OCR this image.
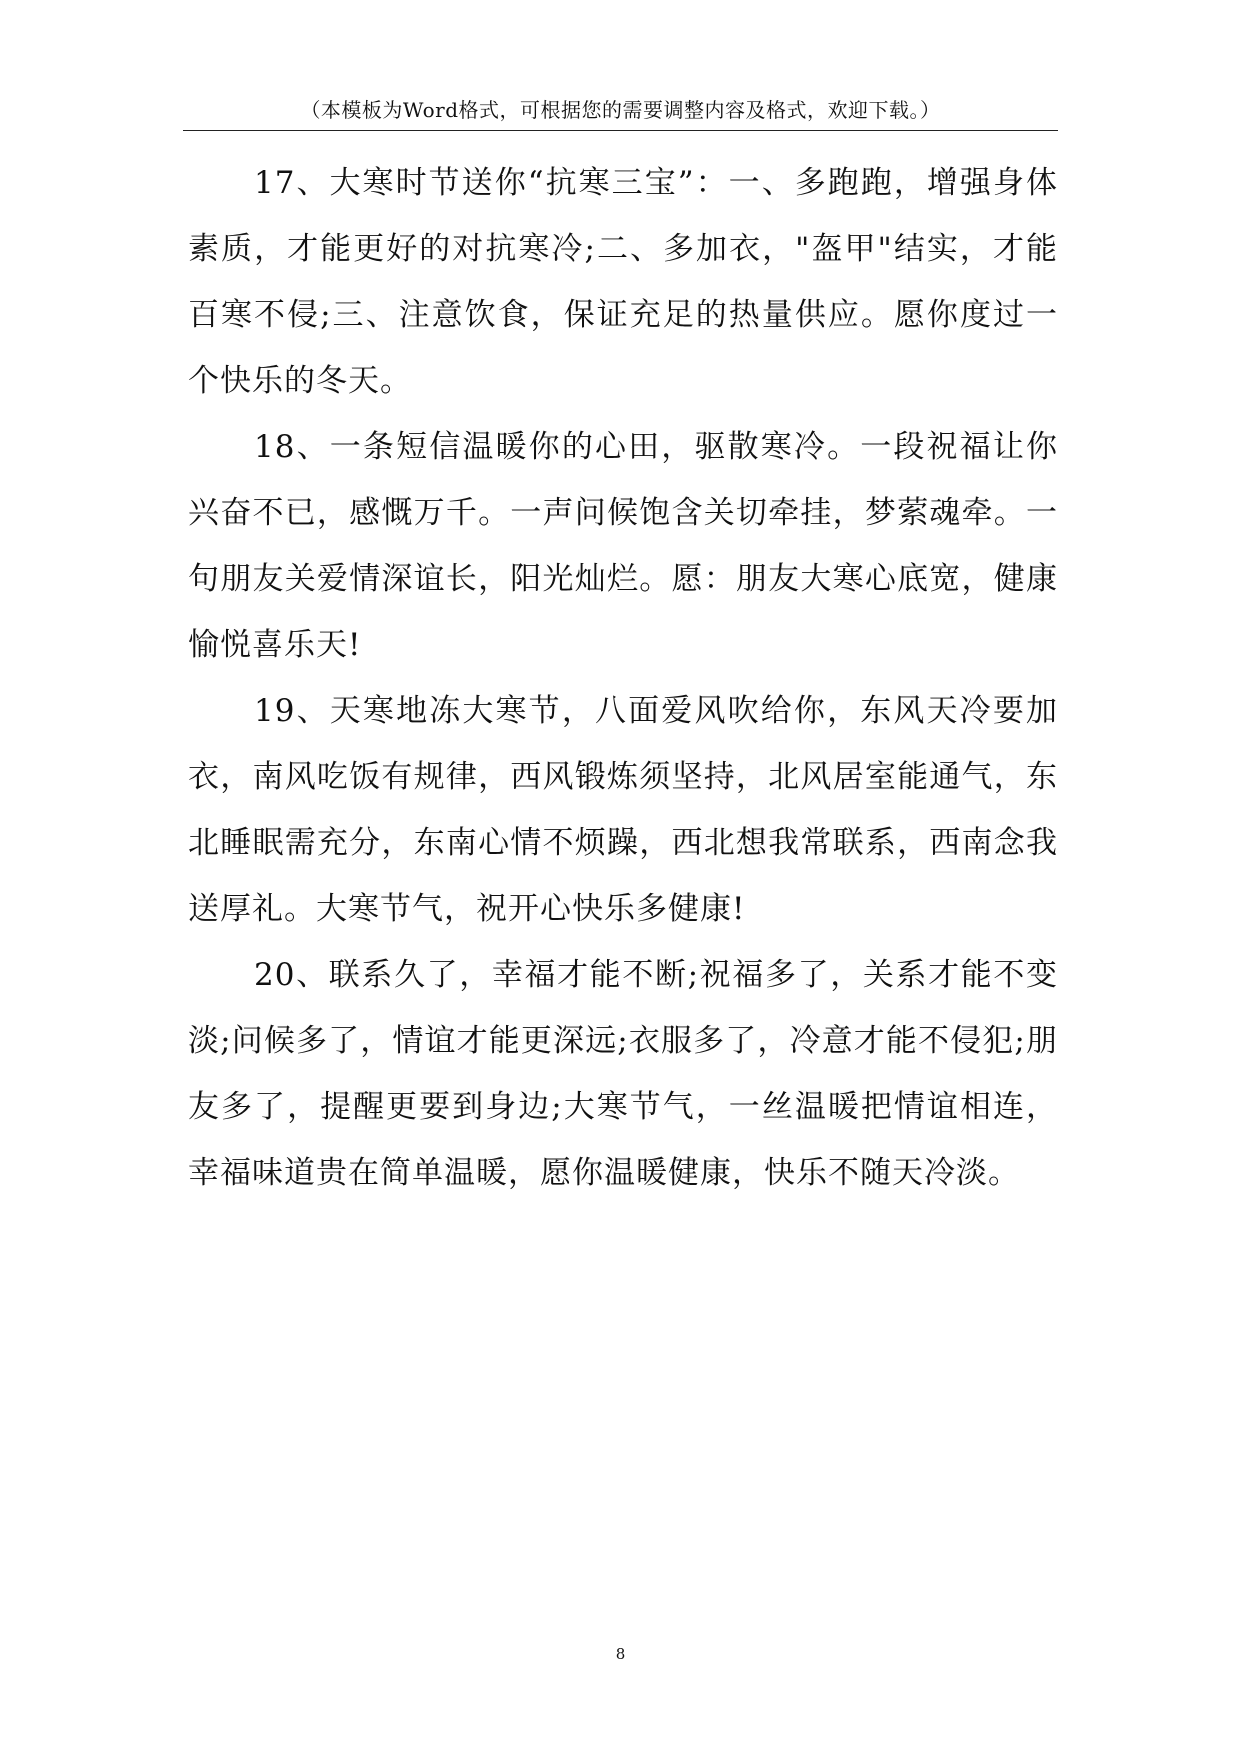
（本模板为Word格式，可根据您的需要调整内容及格式，欢迎下载。）

17、大寒时节送你“抗寒三宝”：一、多跑跑，增强身体素质，才能更好的对抗寒冷;二、多加衣，"盔甲"结实，才能百寒不侵;三、注意饮食，保证充足的热量供应。愿你度过一个快乐的冬天。

18、一条短信温暖你的心田，驱散寒冷。一段祝福让你兴奋不已，感慨万千。一声问候饱含关切牵挂，梦萦魂牵。一句朋友关爱情深谊长，阳光灿烂。愿：朋友大寒心底宽，健康愉悦喜乐天!

19、天寒地冻大寒节，八面爱风吹给你，东风天冷要加衣，南风吃饭有规律，西风锻炼须坚持，北风居室能通气，东北睡眠需充分，东南心情不烦躁，西北想我常联系，西南念我送厚礼。大寒节气，祝开心快乐多健康!

20、联系久了，幸福才能不断;祝福多了，关系才能不变淡;问候多了，情谊才能更深远;衣服多了，冷意才能不侵犯;朋友多了，提醒更要到身边;大寒节气，一丝温暖把情谊相连，幸福味道贵在简单温暖，愿你温暖健康，快乐不随天冷淡。

8
